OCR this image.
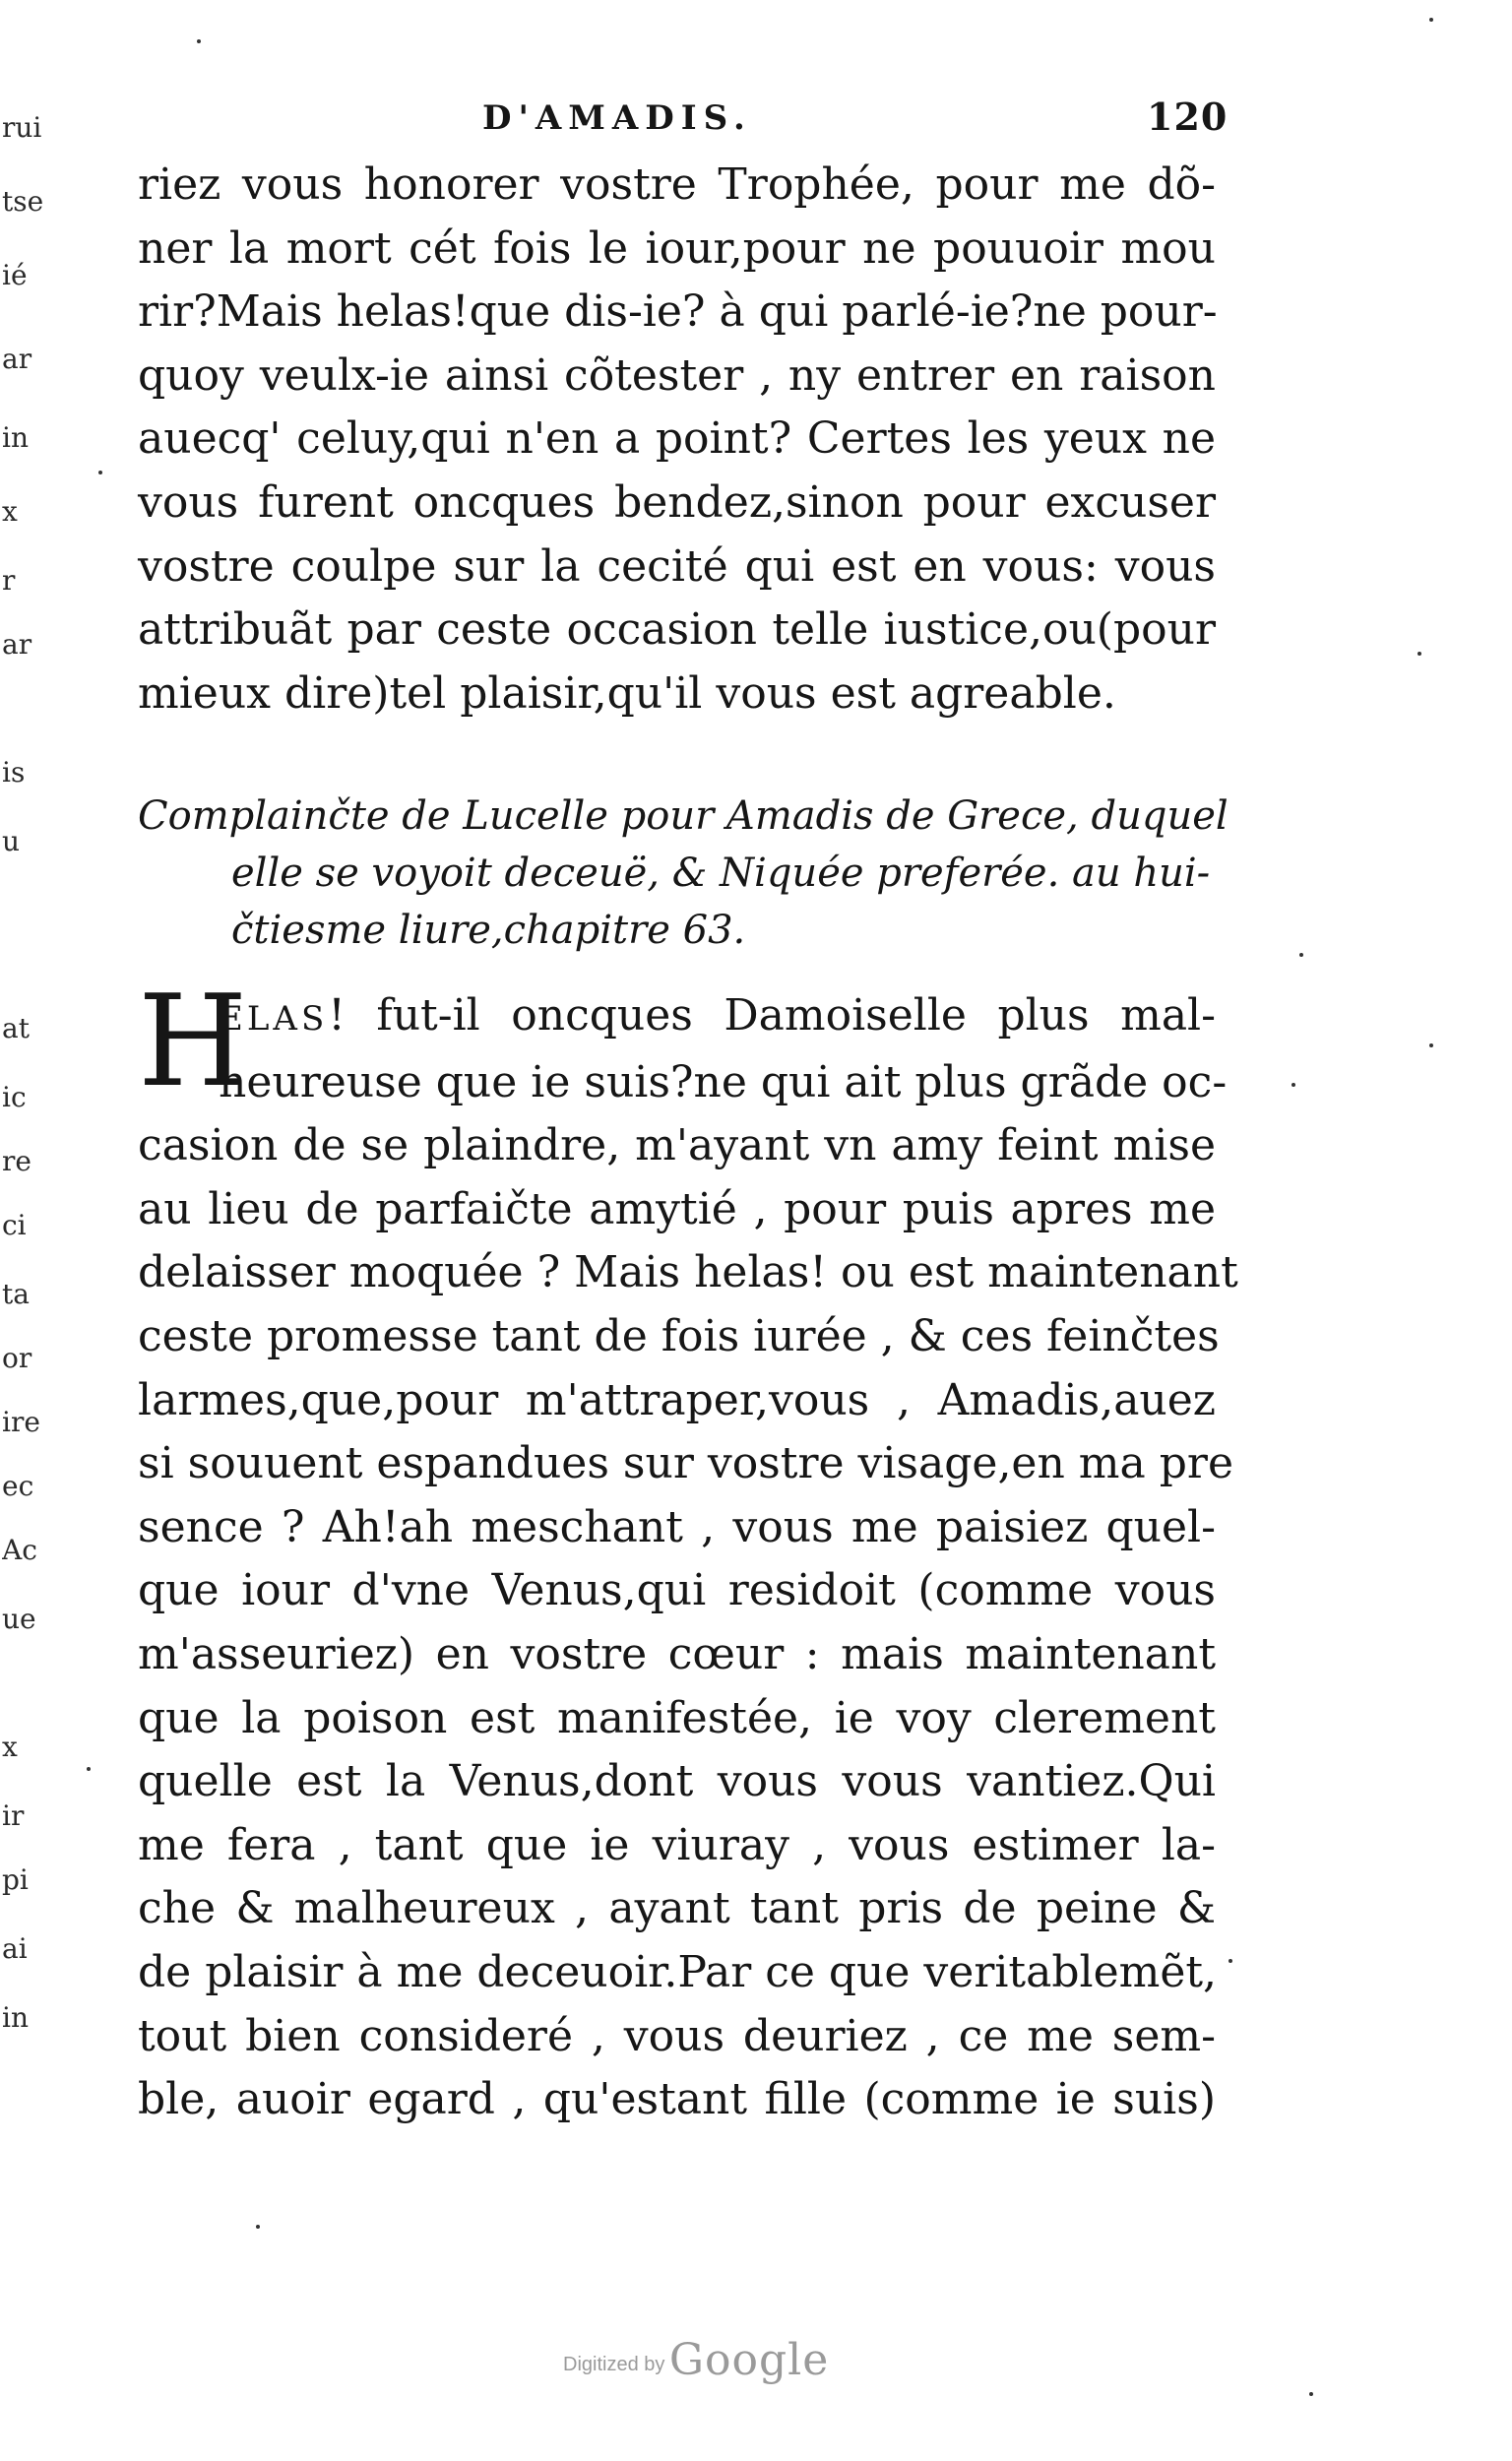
rui
tse
ié
ar
in
x
r
ar
is
u
at
ic
re
ci
ta
or
ire
ec
Ac
ue
x
ir
pi
ai
in
D'AMADIS.	120
riez vous honorer vostre Trophée, pour me dõ-
ner la mort cét fois le iour,pour ne pouuoir mou
rir?Mais helas!que dis-ie? à qui parlé-ie?ne pour-
quoy veulx-ie ainsi cõtester , ny entrer en raison
auecq' celuy,qui n'en a point? Certes les yeux ne
vous furent oncques bendez,sinon pour excuser
vostre coulpe sur la cecité qui est en vous: vous
attribuãt par ceste occasion telle iustice,ou(pour
mieux dire)tel plaisir,qu'il vous est agreable.
Complainčte de Lucelle pour Amadis de Grece, duquel
elle se voyoit deceuë, & Niquée preferée. au hui-
čtiesme liure,chapitre 63.
H
ELAS! fut-il oncques Damoiselle plus mal-
heureuse que ie suis?ne qui ait plus grãde oc-
casion de se plaindre, m'ayant vn amy feint mise
au lieu de parfaičte amytié , pour puis apres me
delaisser moquée ? Mais helas! ou est maintenant
ceste promesse tant de fois iurée , & ces feinčtes
larmes,que,pour m'attraper,vous , Amadis,auez
si souuent espandues sur vostre visage,en ma pre
sence ? Ah!ah meschant , vous me paisiez quel-
que iour d'vne Venus,qui residoit (comme vous
m'asseuriez) en vostre cœur : mais maintenant
que la poison est manifestée, ie voy clerement
quelle est la Venus,dont vous vous vantiez.Qui
me fera , tant que ie viuray , vous estimer la-
che & malheureux , ayant tant pris de peine &
de plaisir à me deceuoir.Par ce que veritablemẽt,
tout bien consideré , vous deuriez , ce me sem-
ble, auoir egard , qu'estant fille (comme ie suis)
Digitized by Google
